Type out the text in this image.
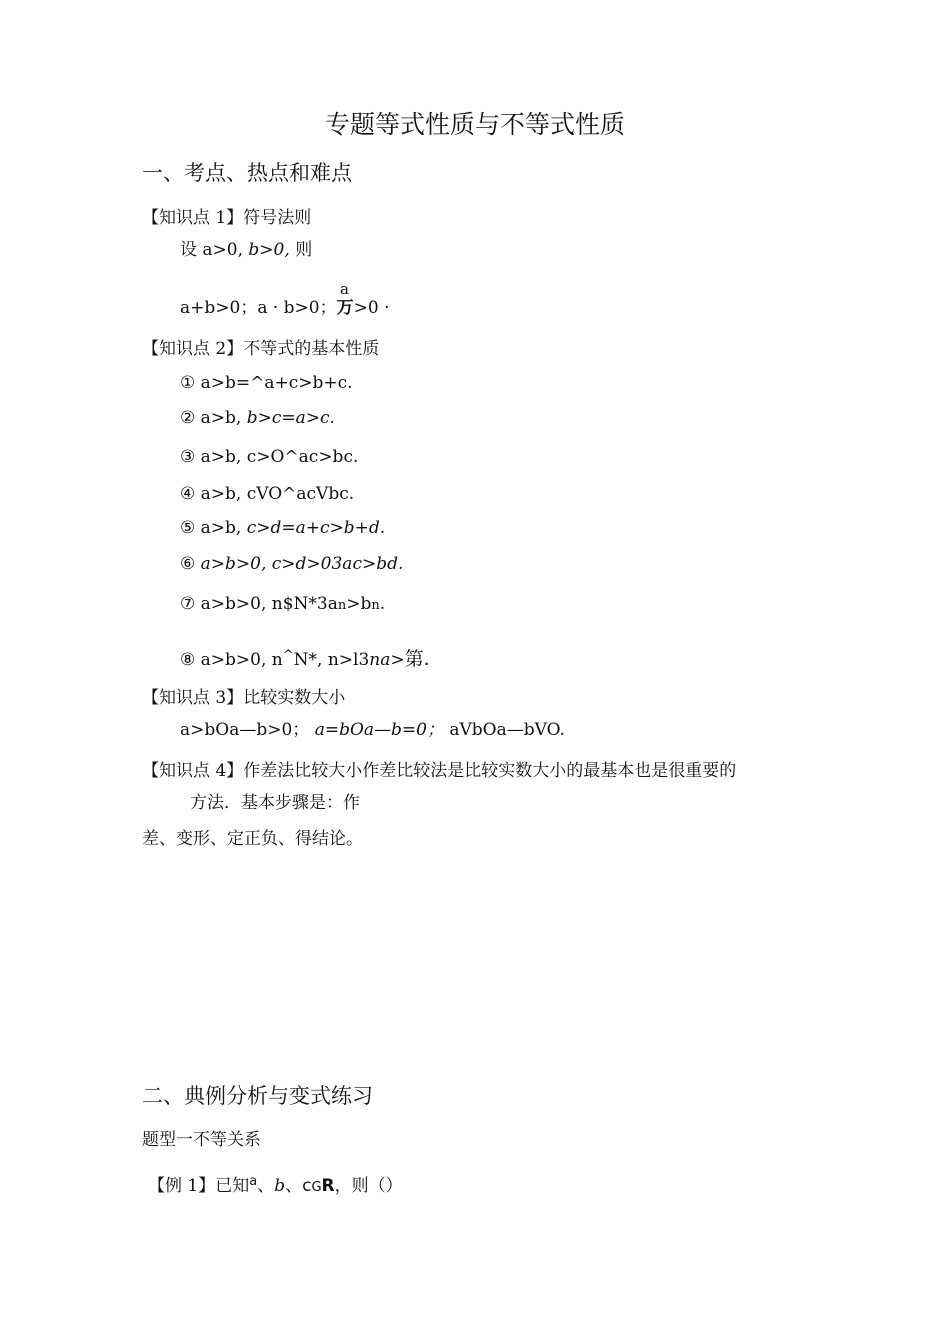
专题等式性质与不等式性质
一、考点、热点和难点
【知识点 1】符号法则
设 a>0, b>0, 则
a
a+b>0；a · b>0；万>0 ·
【知识点 2】不等式的基本性质
① a>b=^a+c>b+c.
② a>b, b>c=a>c.
③ a>b, c>O^ac>bc.
④ a>b, cVO^acVbc.
⑤ a>b, c>d=a+c>b+d.
⑥ a>b>0, c>d>03ac>bd.
⑦ a>b>0, n$N*3an>bn.
⑧ a>b>0, n^N*, n>l3na>第.
【知识点 3】比较实数大小
a>bOa—b>0； a=bOa—b=0； aVbOa—bVO.
【知识点 4】作差法比较大小作差比较法是比较实数大小的最基本也是很重要的
方法．基本步骤是：作
差、变形、定正负、得结论。
二、典例分析与变式练习
题型一不等关系
【例 1】已知$^a$、b、cGR，则（）
